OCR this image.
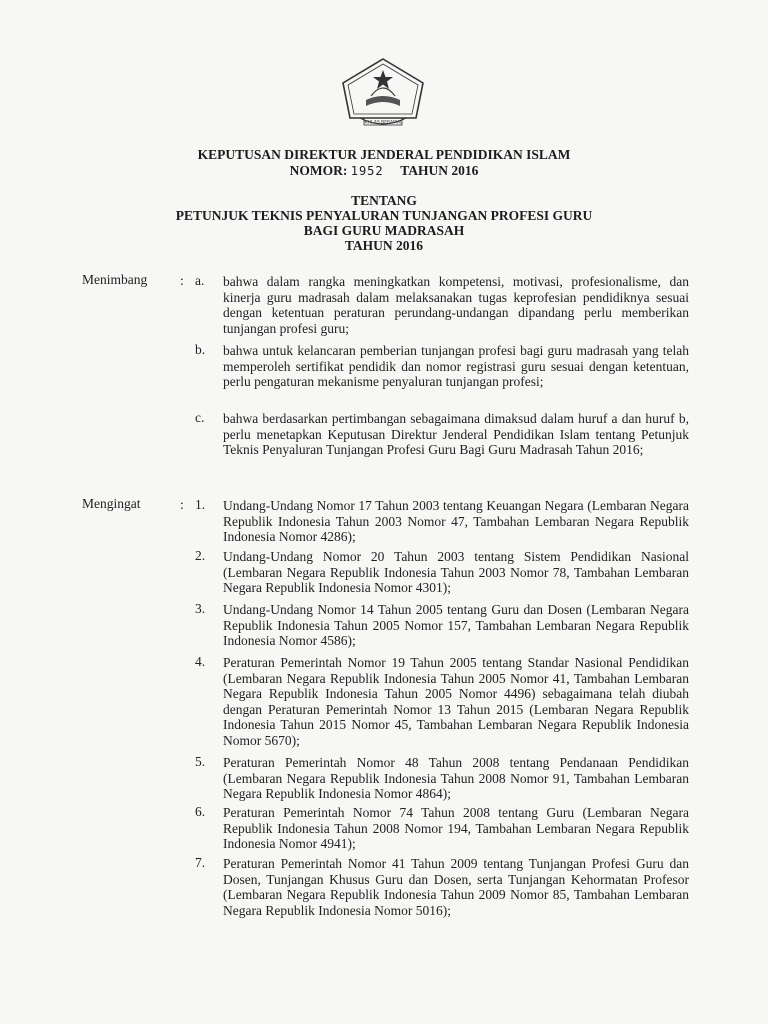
IKHLAS BERAMAL
KEPUTUSAN DIREKTUR JENDERAL PENDIDIKAN ISLAM
NOMOR: 1952 TAHUN 2016
TENTANG
PETUNJUK TEKNIS PENYALURAN TUNJANGAN PROFESI GURU
BAGI GURU MADRASAH
TAHUN 2016
Menimbang : a.	bahwa dalam rangka meningkatkan kompetensi, motivasi, profesionalisme, dan kinerja guru madrasah dalam melaksanakan tugas keprofesian pendidiknya sesuai dengan ketentuan peraturan perundang-undangan dipandang perlu memberikan tunjangan profesi guru;
b.	bahwa untuk kelancaran pemberian tunjangan profesi bagi guru madrasah yang telah memperoleh sertifikat pendidik dan nomor registrasi guru sesuai dengan ketentuan, perlu pengaturan mekanisme penyaluran tunjangan profesi;
c.	bahwa berdasarkan pertimbangan sebagaimana dimaksud dalam huruf a dan huruf b, perlu menetapkan Keputusan Direktur Jenderal Pendidikan Islam tentang Petunjuk Teknis Penyaluran Tunjangan Profesi Guru Bagi Guru Madrasah Tahun 2016;
Mengingat	: 1.	Undang-Undang Nomor 17 Tahun 2003 tentang Keuangan Negara (Lembaran Negara Republik Indonesia Tahun 2003 Nomor 47, Tambahan Lembaran Negara Republik Indonesia Nomor 4286);
2.	Undang-Undang Nomor 20 Tahun 2003 tentang Sistem Pendidikan Nasional (Lembaran Negara Republik Indonesia Tahun 2003 Nomor 78, Tambahan Lembaran Negara Republik Indonesia Nomor 4301);
3.	Undang-Undang Nomor 14 Tahun 2005 tentang Guru dan Dosen (Lembaran Negara Republik Indonesia Tahun 2005 Nomor 157, Tambahan Lembaran Negara Republik Indonesia Nomor 4586);
4.	Peraturan Pemerintah Nomor 19 Tahun 2005 tentang Standar Nasional Pendidikan (Lembaran Negara Republik Indonesia Tahun 2005 Nomor 41, Tambahan Lembaran Negara Republik Indonesia Tahun 2005 Nomor 4496) sebagaimana telah diubah dengan Peraturan Pemerintah Nomor 13 Tahun 2015 (Lembaran Negara Republik Indonesia Tahun 2015 Nomor 45, Tambahan Lembaran Negara Republik Indonesia Nomor 5670);
5.	Peraturan Pemerintah Nomor 48 Tahun 2008 tentang Pendanaan Pendidikan (Lembaran Negara Republik Indonesia Tahun 2008 Nomor 91, Tambahan Lembaran Negara Republik Indonesia Nomor 4864);
6.	Peraturan Pemerintah Nomor 74 Tahun 2008 tentang Guru (Lembaran Negara Republik Indonesia Tahun 2008 Nomor 194, Tambahan Lembaran Negara Republik Indonesia Nomor 4941);
7.	Peraturan Pemerintah Nomor 41 Tahun 2009 tentang Tunjangan Profesi Guru dan Dosen, Tunjangan Khusus Guru dan Dosen, serta Tunjangan Kehormatan Profesor (Lembaran Negara Republik Indonesia Tahun 2009 Nomor 85, Tambahan Lembaran Negara Republik Indonesia Nomor 5016);
